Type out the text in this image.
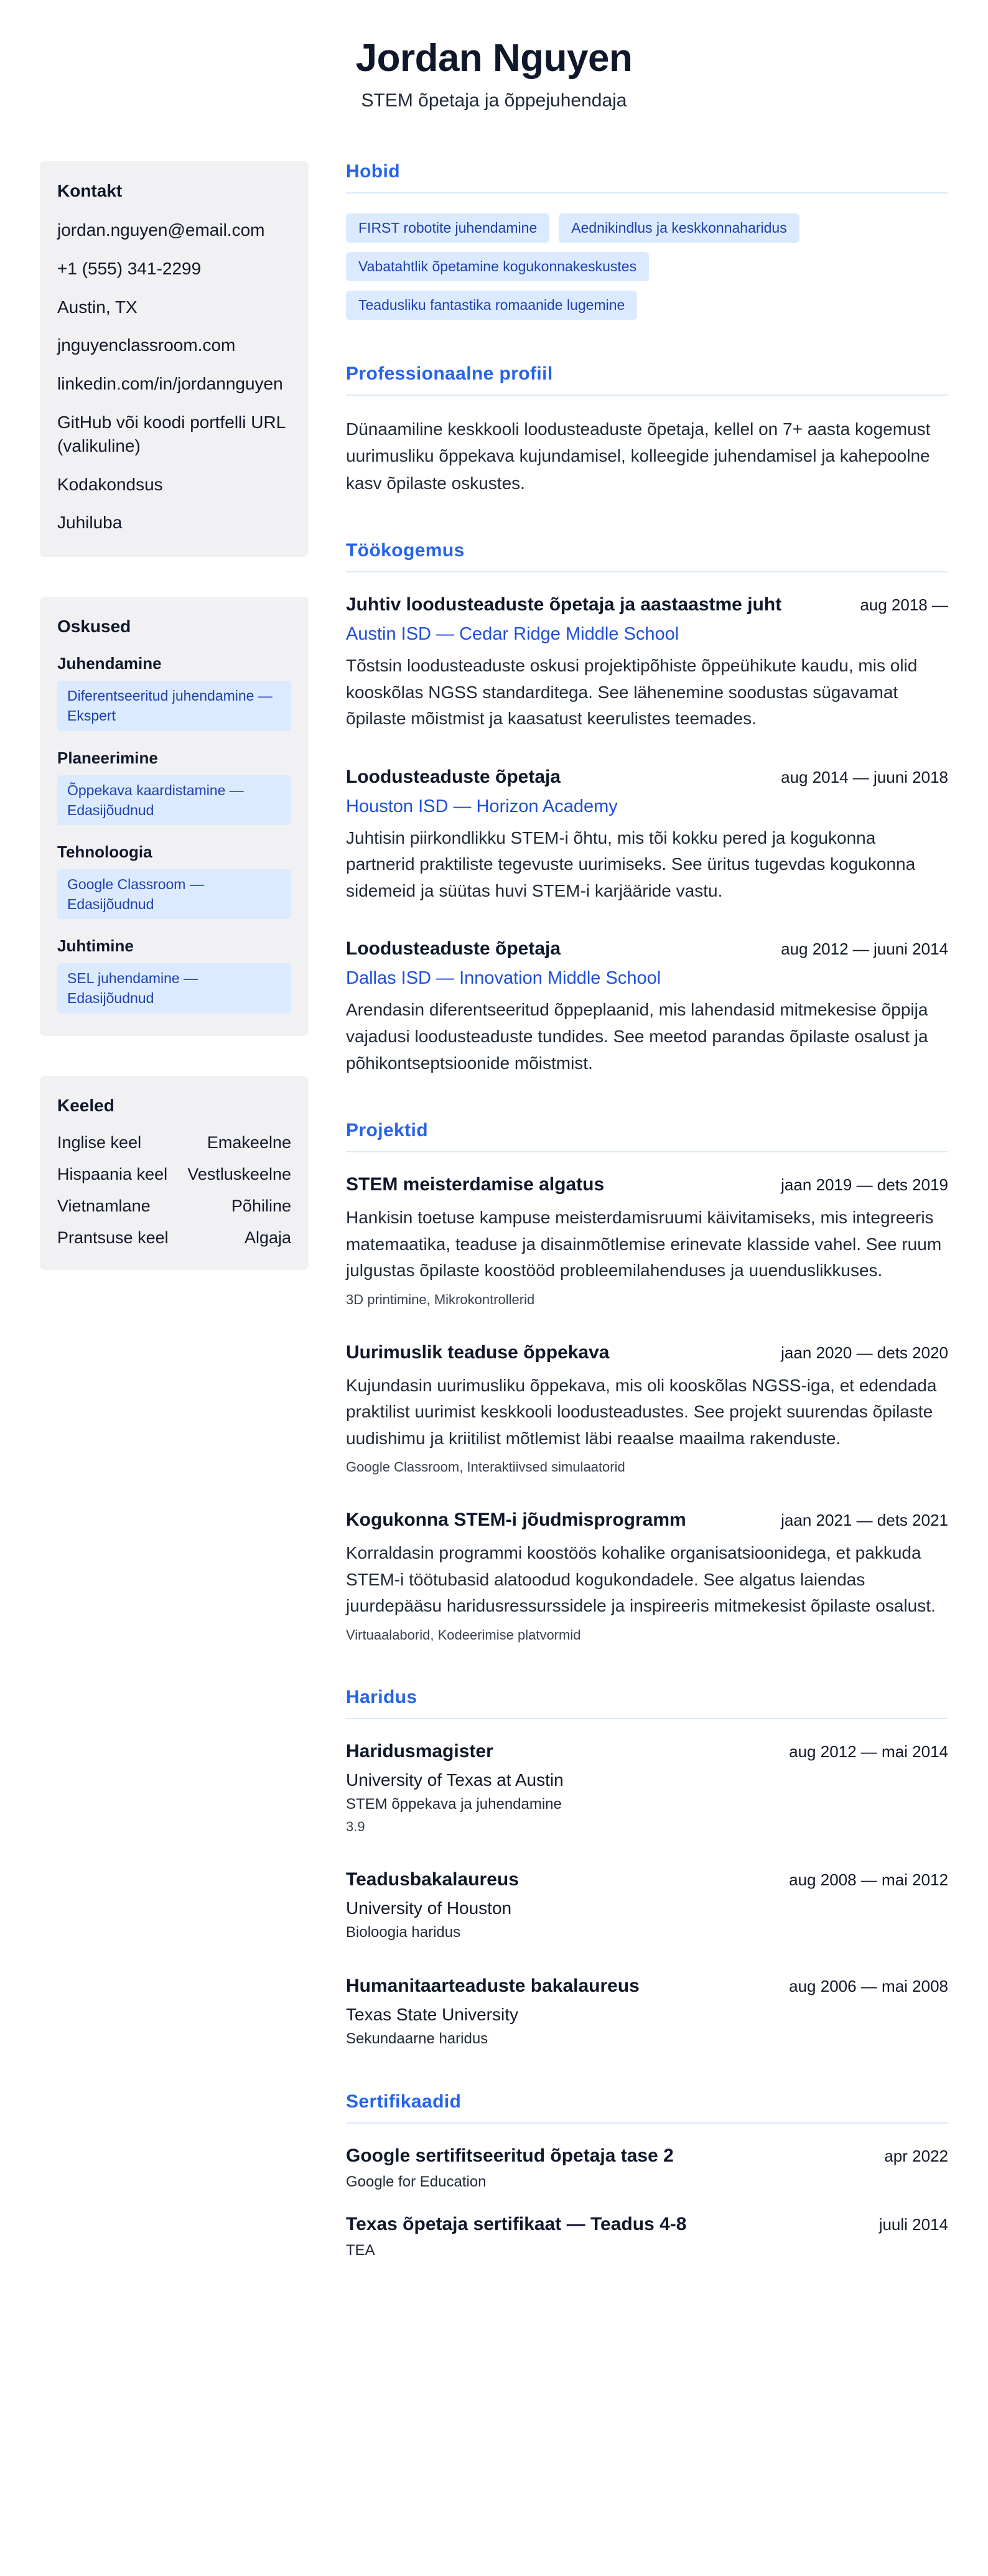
Jordan Nguyen
STEM õpetaja ja õppejuhendaja
Kontakt
jordan.nguyen@email.com
+1 (555) 341-2299
Austin, TX
jnguyenclassroom.com
linkedin.com/in/jordannguyen
GitHub või koodi portfelli URL (valikuline)
Kodakondsus
Juhiluba
Oskused
Juhendamine
Diferentseeritud juhendamine — Ekspert
Planeerimine
Õppekava kaardistamine — Edasijõudnud
Tehnoloogia
Google Classroom — Edasijõudnud
Juhtimine
SEL juhendamine — Edasijõudnud
Keeled
Inglise keel	Emakeelne
Hispaania keel Vestluskeelne
Vietnamlane	Põhiline
Prantsuse keel	Algaja
Hobid
FIRST robotite juhendamine	Aednikindlus ja keskkonnaharidus
Vabatahtlik õpetamine kogukonnakeskustes
Teadusliku fantastika romaanide lugemine
Professionaalne profiil

Dünaamiline keskkooli loodusteaduste õpetaja, kellel on 7+ aasta kogemust uurimusliku õppekava kujundamisel, kolleegide juhendamisel ja kahepoolne kasv õpilaste oskustes.

Töökogemus
Juhtiv loodusteaduste õpetaja ja aastaastme juht	aug 2018 —
Austin ISD — Cedar Ridge Middle School

Tõstsin loodusteaduste oskusi projektipõhiste õppeühikute kaudu, mis olid kooskõlas NGSS standarditega. See lähenemine soodustas sügavamat õpilaste mõistmist ja kaasatust keerulistes teemades.

Loodusteaduste õpetaja	aug 2014 — juuni 2018
Houston ISD — Horizon Academy

Juhtisin piirkondlikku STEM-i õhtu, mis tõi kokku pered ja kogukonna partnerid praktiliste tegevuste uurimiseks. See üritus tugevdas kogukonna sidemeid ja süütas huvi STEM-i karjääride vastu.

Loodusteaduste õpetaja	aug 2012 — juuni 2014
Dallas ISD — Innovation Middle School

Arendasin diferentseeritud õppeplaanid, mis lahendasid mitmekesise õppija vajadusi loodusteaduste tundides. See meetod parandas õpilaste osalust ja põhikontseptsioonide mõistmist.

Projektid
STEM meisterdamise algatus	jaan 2019 — dets 2019

Hankisin toetuse kampuse meisterdamisruumi käivitamiseks, mis integreeris matemaatika, teaduse ja disainmõtlemise erinevate klasside vahel. See ruum julgustas õpilaste koostööd probleemilahenduses ja uuenduslikkuses.

3D printimine, Mikrokontrollerid
Uurimuslik teaduse õppekava	jaan 2020 — dets 2020

Kujundasin uurimusliku õppekava, mis oli kooskõlas NGSS-iga, et edendada praktilist uurimist keskkooli loodusteadustes. See projekt suurendas õpilaste uudishimu ja kriitilist mõtlemist läbi reaalse maailma rakenduste.

Google Classroom, Interaktiivsed simulaatorid
Kogukonna STEM-i jõudmisprogramm	jaan 2021 — dets 2021

Korraldasin programmi koostöös kohalike organisatsioonidega, et pakkuda STEM-i töötubasid alatoodud kogukondadele. See algatus laiendas juurdepääsu haridusressurssidele ja inspireeris mitmekesist õpilaste osalust.

Virtuaalaborid, Kodeerimise platvormid
Haridus
Haridusmagister	aug 2012 — mai 2014
University of Texas at Austin
STEM õppekava ja juhendamine
3.9
Teadusbakalaureus	aug 2008 — mai 2012
University of Houston
Bioloogia haridus
Humanitaarteaduste bakalaureus	aug 2006 — mai 2008
Texas State University
Sekundaarne haridus
Sertifikaadid
Google sertifitseeritud õpetaja tase 2	apr 2022
Google for Education
Texas õpetaja sertifikaat — Teadus 4-8	juuli 2014
TEA
